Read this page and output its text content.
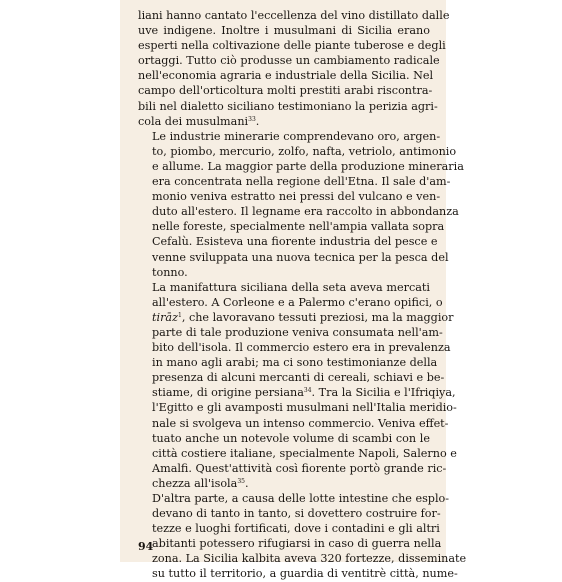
liani hanno cantato l'eccellenza del vino distillato dalle
uve indigene. Inoltre i musulmani di Sicilia erano
esperti nella coltivazione delle piante tuberose e degli
ortaggi. Tutto ciò produsse un cambiamento radicale
nell'economia agraria e industriale della Sicilia. Nel
campo dell'orticoltura molti prestiti arabi riscontra-
bili nel dialetto siciliano testimoniano la perizia agri-
cola dei musulmani$^{33}$.
Le industrie minerarie comprendevano oro, argen-
to, piombo, mercurio, zolfo, nafta, vetriolo, antimonio
e allume. La maggior parte della produzione mineraria
era concentrata nella regione dell'Etna. Il sale d'am-
monio veniva estratto nei pressi del vulcano e ven-
duto all'estero. Il legname era raccolto in abbondanza
nelle foreste, specialmente nell'ampia vallata sopra
Cefalù. Esisteva una fiorente industria del pesce e
venne sviluppata una nuova tecnica per la pesca del
tonno.
La manifattura siciliana della seta aveva mercati
all'estero. A Corleone e a Palermo c'erano opifici, o
tirāz$^1$, che lavoravano tessuti preziosi, ma la maggior
parte di tale produzione veniva consumata nell'am-
bito dell'isola. Il commercio estero era in prevalenza
in mano agli arabi; ma ci sono testimonianze della
presenza di alcuni mercanti di cereali, schiavi e be-
stiame, di origine persiana$^{34}$. Tra la Sicilia e l'Ifriqiya,
l'Egitto e gli avamposti musulmani nell'Italia meridio-
nale si svolgeva un intenso commercio. Veniva effet-
tuato anche un notevole volume di scambi con le
città costiere italiane, specialmente Napoli, Salerno e
Amalfi. Quest'attività così fiorente portò grande ric-
chezza all'isola$^{35}$.
D'altra parte, a causa delle lotte intestine che esplo-
devano di tanto in tanto, si dovettero costruire for-
tezze e luoghi fortificati, dove i contadini e gli altri
abitanti potessero rifugiarsi in caso di guerra nella
zona. La Sicilia kalbita aveva 320 fortezze, disseminate
su tutto il territorio, a guardia di ventitrè città, nume-
94
